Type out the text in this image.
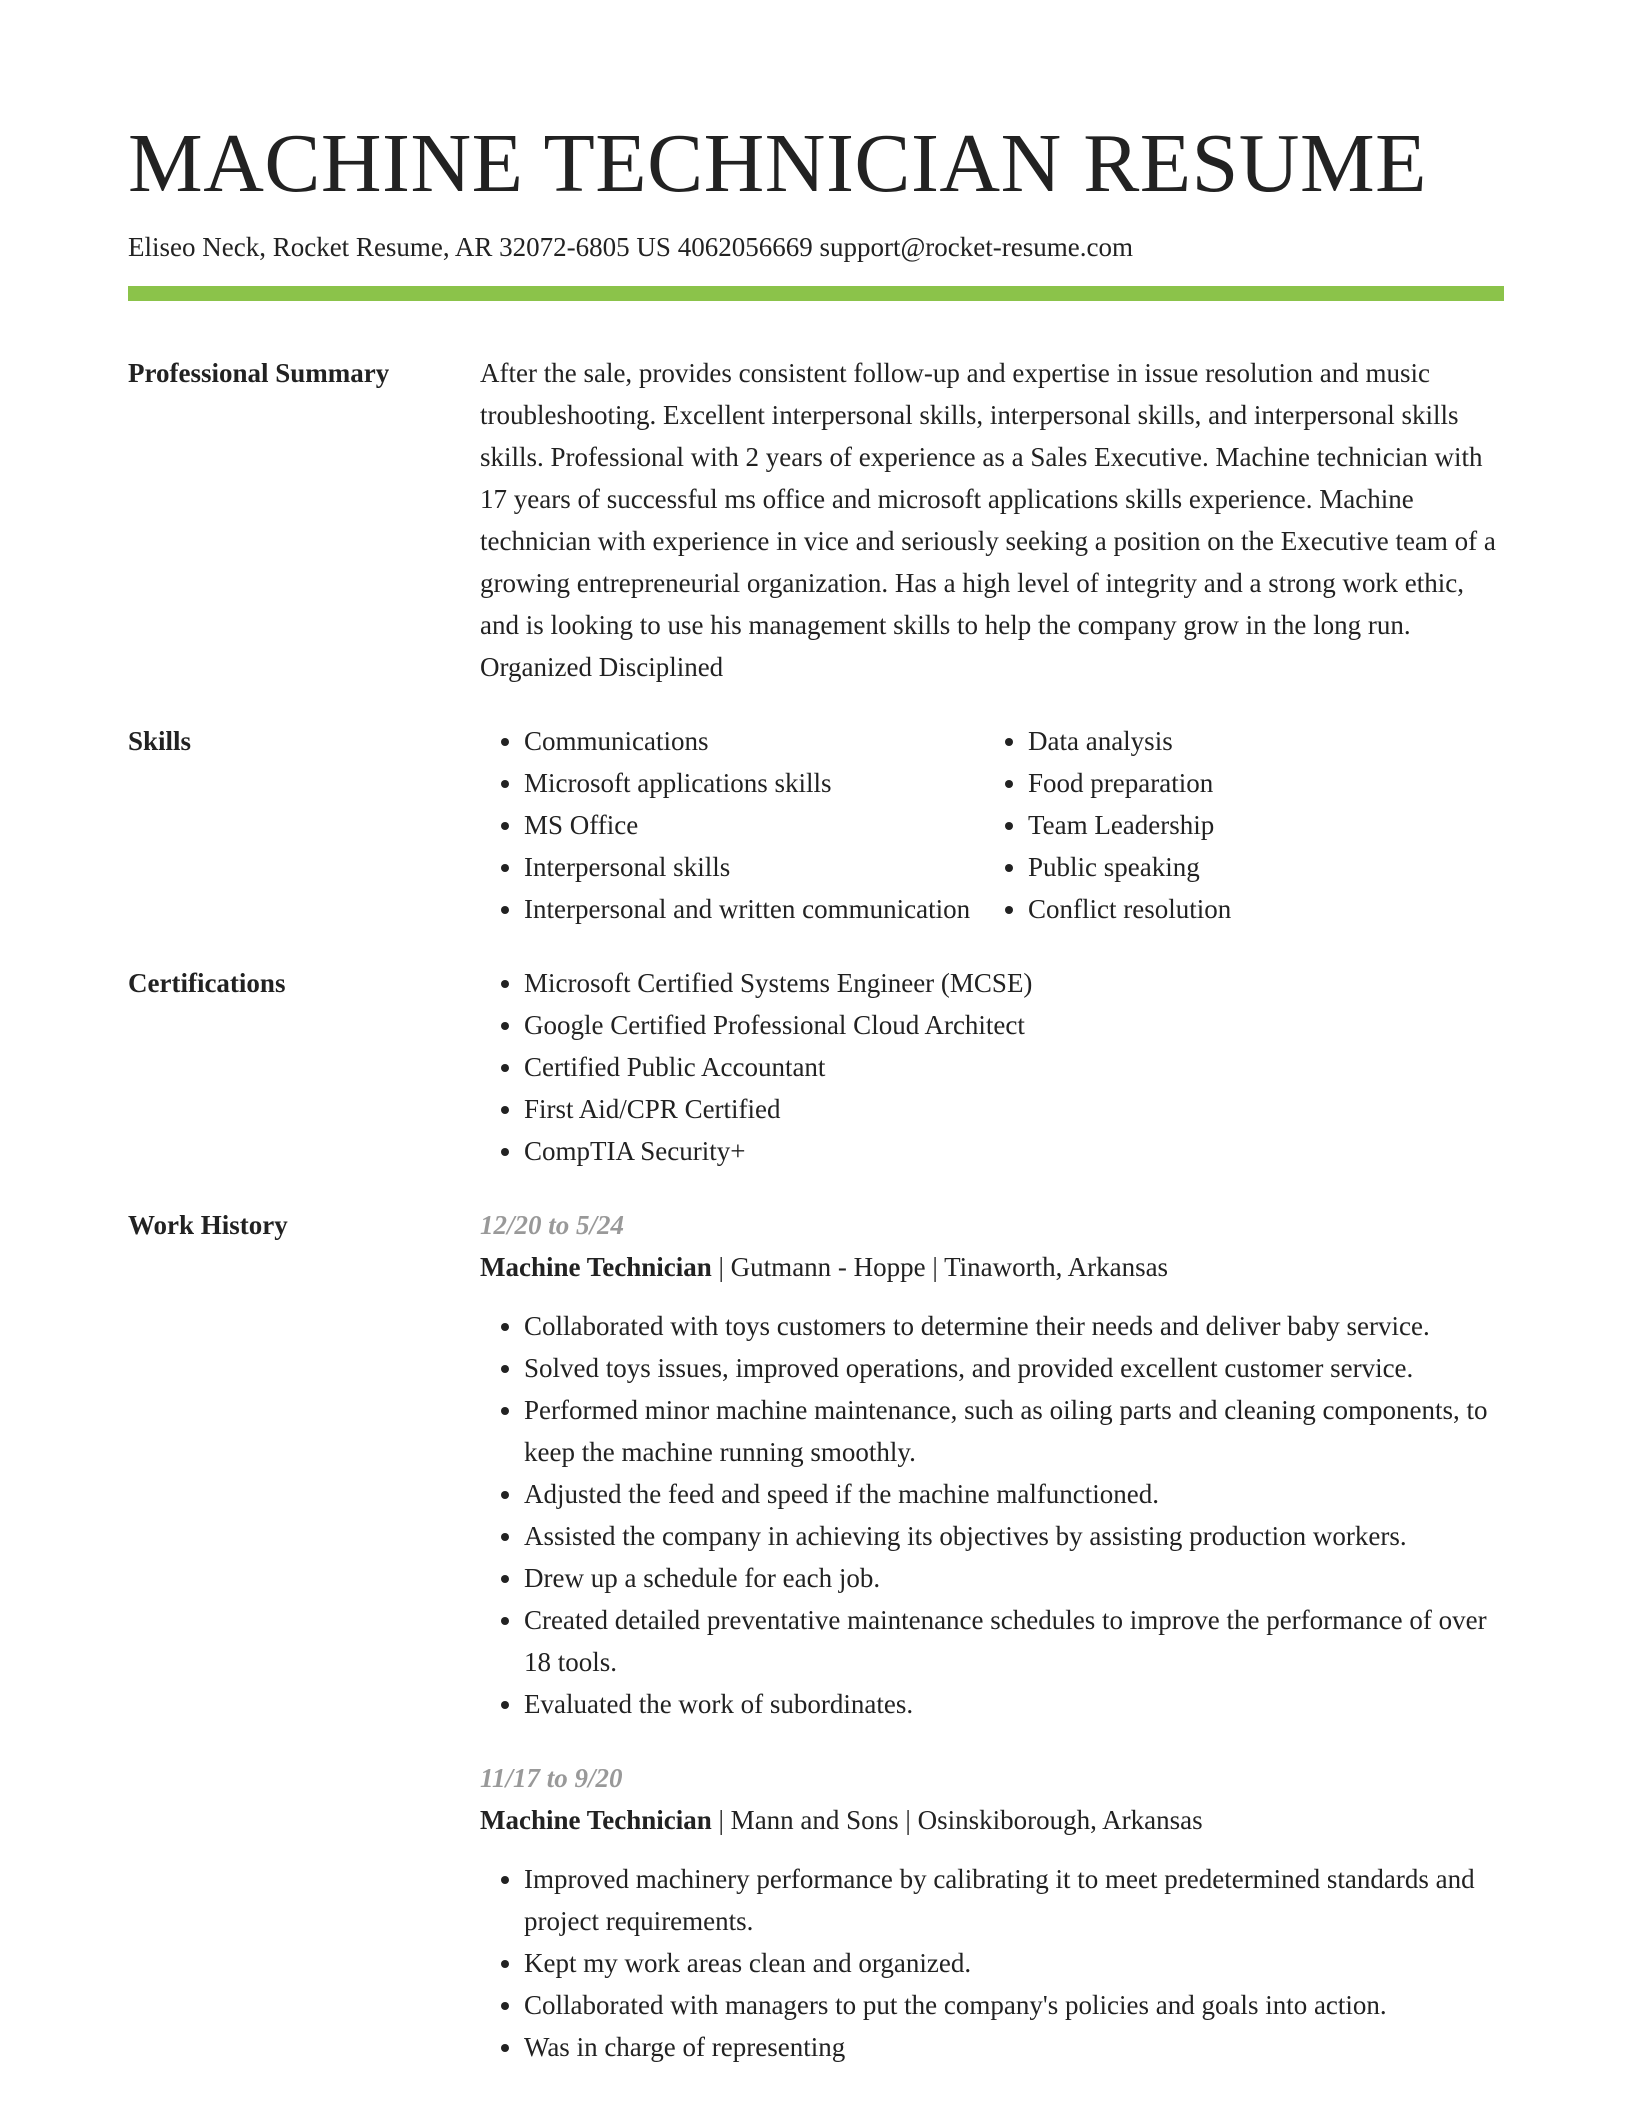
MACHINE TECHNICIAN RESUME
Eliseo Neck, Rocket Resume, AR 32072-6805 US 4062056669 support@rocket-resume.com
Professional Summary	After the sale, provides consistent follow-up and expertise in issue resolution and music troubleshooting. Excellent interpersonal skills, interpersonal skills, and interpersonal skills skills. Professional with 2 years of experience as a Sales Executive. Machine technician with 17 years of successful ms office and microsoft applications skills experience. Machine technician with experience in vice and seriously seeking a position on the Executive team of a growing entrepreneurial organization. Has a high level of integrity and a strong work ethic, and is looking to use his management skills to help the company grow in the long run. Organized Disciplined

Skills	• Communications
• Microsoft applications skills
• MS Office
• Interpersonal skills
• Interpersonal and written communication
• Data analysis
• Food preparation
• Team Leadership
• Public speaking
• Conflict resolution
Certifications	• Microsoft Certified Systems Engineer (MCSE)
• Google Certified Professional Cloud Architect
• Certified Public Accountant
• First Aid/CPR Certified
• CompTIA Security+
Work History	12/20 to 5/24
Machine Technician | Gutmann - Hoppe | Tinaworth, Arkansas
• Collaborated with toys customers to determine their needs and deliver baby service.
• Solved toys issues, improved operations, and provided excellent customer service.
• Performed minor machine maintenance, such as oiling parts and cleaning components, to keep the machine running smoothly.
• Adjusted the feed and speed if the machine malfunctioned.
• Assisted the company in achieving its objectives by assisting production workers.
• Drew up a schedule for each job.
• Created detailed preventative maintenance schedules to improve the performance of over 18 tools.
• Evaluated the work of subordinates.
11/17 to 9/20
Machine Technician | Mann and Sons | Osinskiborough, Arkansas
• Improved machinery performance by calibrating it to meet predetermined standards and project requirements.
• Kept my work areas clean and organized.
• Collaborated with managers to put the company's policies and goals into action.
• Was in charge of representing
